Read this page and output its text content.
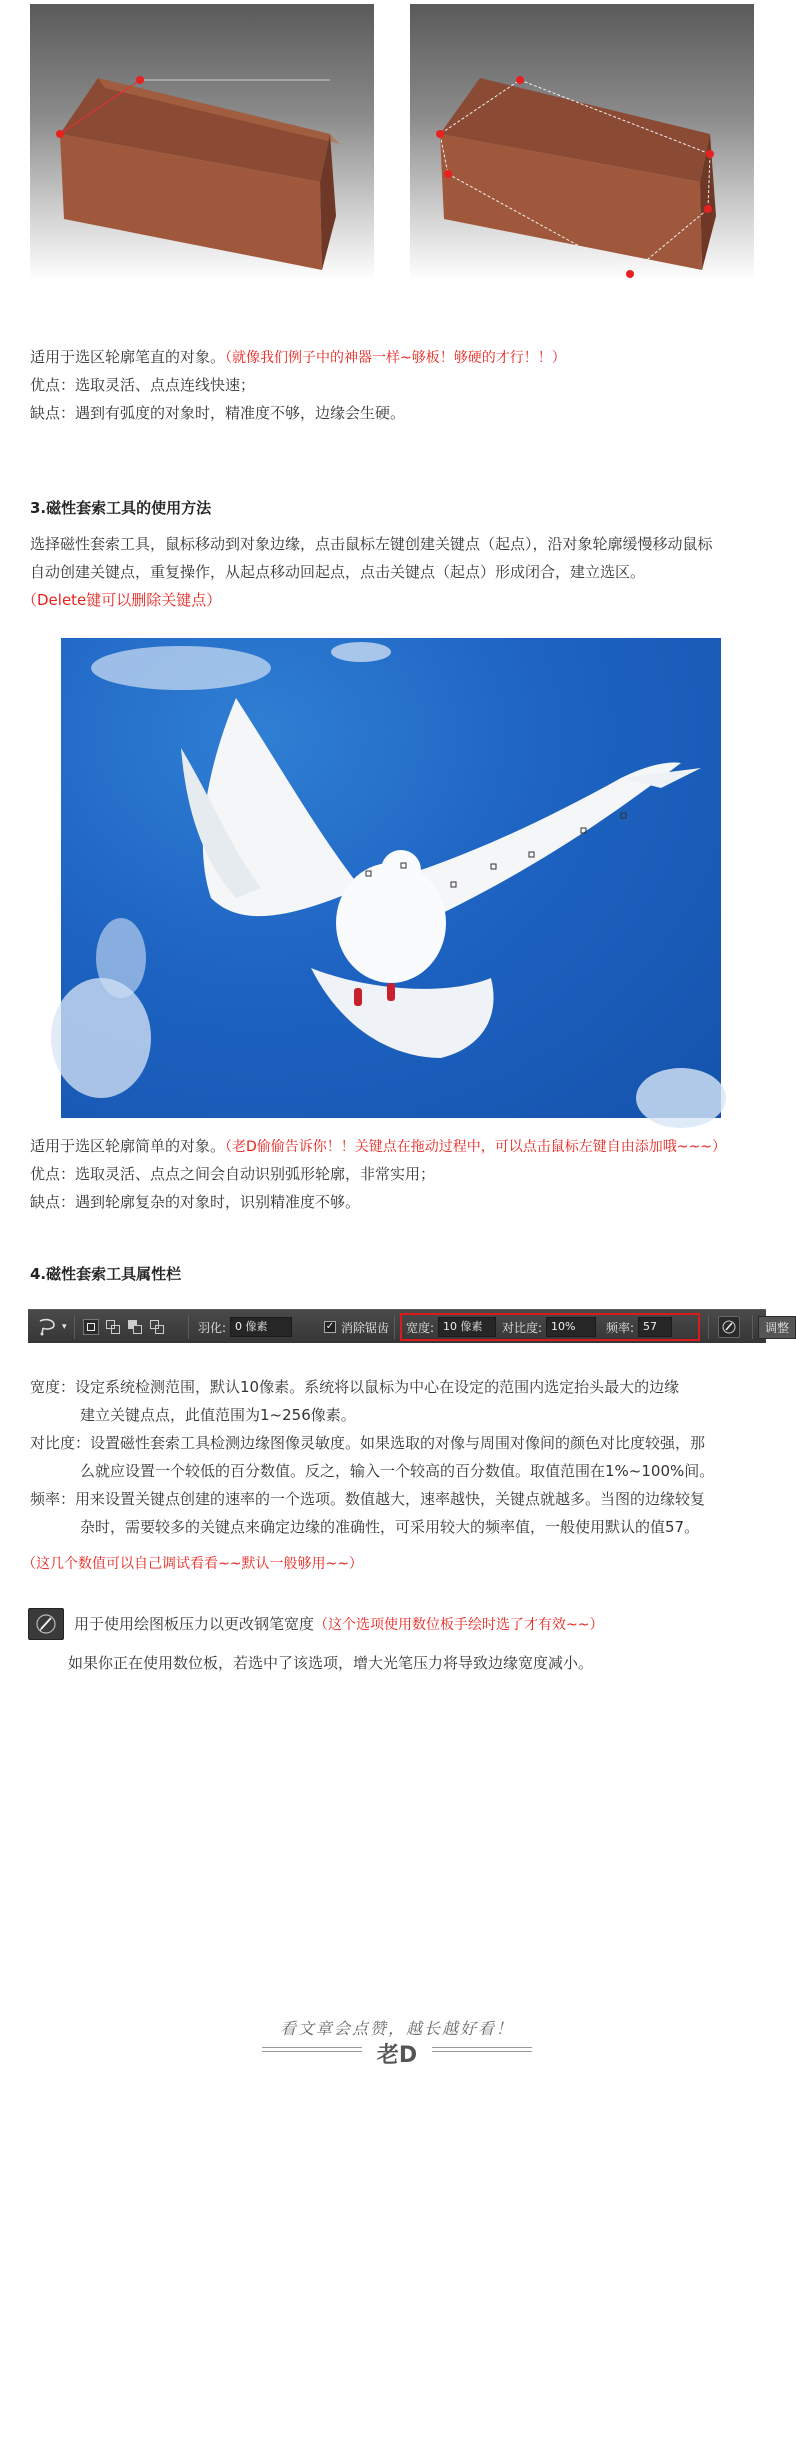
适用于选区轮廓笔直的对象。（就像我们例子中的神器一样~够板！够硬的才行！！）
优点：选取灵活、点点连线快速；
缺点：遇到有弧度的对象时，精准度不够，边缘会生硬。
3.磁性套索工具的使用方法
选择磁性套索工具，鼠标移动到对象边缘，点击鼠标左键创建关键点（起点），沿对象轮廓缓慢移动鼠标
自动创建关键点，重复操作，从起点移动回起点，点击关键点（起点）形成闭合，建立选区。
（Delete键可以删除关键点）
适用于选区轮廓简单的对象。（老D偷偷告诉你！！关键点在拖动过程中，可以点击鼠标左键自由添加哦~~~）
优点：选取灵活、点点之间会自动识别弧形轮廓，非常实用；
缺点：遇到轮廓复杂的对象时，识别精准度不够。
4.磁性套索工具属性栏
▾	羽化: 0 像素	✓ 消除锯齿 宽度: 10 像素	对比度: 10%	频率: 57	调整
宽度：设定系统检测范围，默认10像素。系统将以鼠标为中心在设定的范围内选定抬头最大的边缘
建立关键点点，此值范围为1~256像素。
对比度：设置磁性套索工具检测边缘图像灵敏度。如果选取的对像与周围对像间的颜色对比度较强，那
么就应设置一个较低的百分数值。反之，输入一个较高的百分数值。取值范围在1%~100%间。
频率：用来设置关键点创建的速率的一个选项。数值越大，速率越快，关键点就越多。当图的边缘较复
杂时，需要较多的关键点来确定边缘的准确性，可采用较大的频率值，一般使用默认的值57。
（这几个数值可以自己调试看看~~默认一般够用~~）
用于使用绘图板压力以更改钢笔宽度（这个选项使用数位板手绘时选了才有效~~）
如果你正在使用数位板，若选中了该选项，增大光笔压力将导致边缘宽度减小。
看文章会点赞，越长越好看！
老D
